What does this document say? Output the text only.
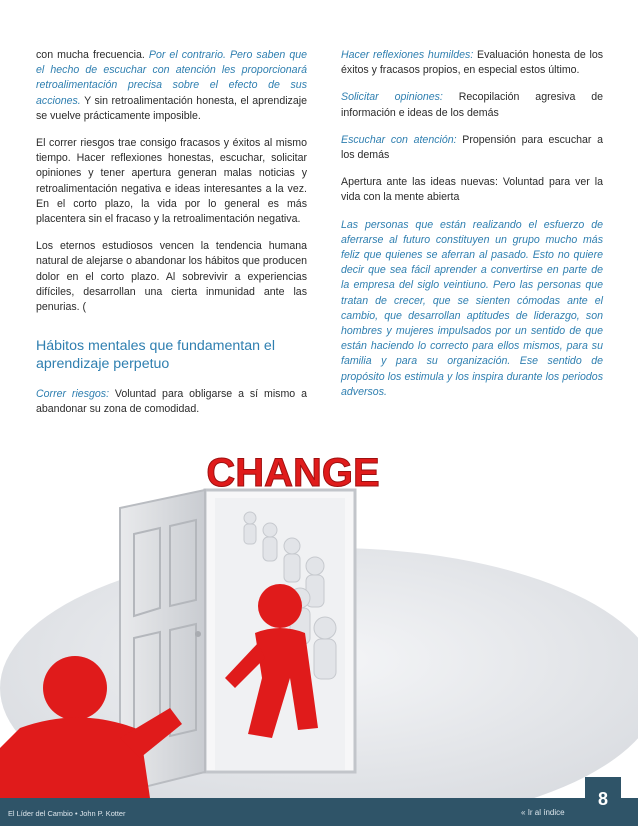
con mucha frecuencia. Por el contrario. Pero saben que el hecho de escuchar con atención les proporcionará retroalimentación precisa sobre el efecto de sus acciones. Y sin retroalimentación honesta, el aprendizaje se vuelve prácticamente imposible.

El correr riesgos trae consigo fracasos y éxitos al mismo tiempo. Hacer reflexiones honestas, escuchar, solicitar opiniones y tener apertura generan malas noticias y retroalimentación negativa e ideas interesantes a la vez. En el corto plazo, la vida por lo general es más placentera sin el fracaso y la retroalimentación negativa.

Los eternos estudiosos vencen la tendencia humana natural de alejarse o abandonar los hábitos que producen dolor en el corto plazo. Al sobrevivir a experiencias difíciles, desarrollan una cierta inmunidad ante las penurias. (

Hábitos mentales que fundamentan el aprendizaje perpetuo

Correr riesgos: Voluntad para obligarse a sí mismo a abandonar su zona de comodidad.

Hacer reflexiones humildes: Evaluación honesta de los éxitos y fracasos propios, en especial estos último.

Solicitar opiniones: Recopilación agresiva de información e ideas de los demás

Escuchar con atención: Propensión para escuchar a los demás

Apertura ante las ideas nuevas: Voluntad para ver la vida con la mente abierta

Las personas que están realizando el esfuerzo de aferrarse al futuro constituyen un grupo mucho más feliz que quienes se aferran al pasado. Esto no quiere decir que sea fácil aprender a convertirse en parte de la empresa del siglo veintiuno. Pero las personas que tratan de crecer, que se sienten cómodas ante el cambio, que desarrollan aptitudes de liderazgo, son hombres y mujeres impulsados por un sentido de que están haciendo lo correcto para ellos mismos, para su familia y para su organización. Ese sentido de propósito los estimula y los inspira durante los periodos adversos.

CHANGE
El Líder del Cambio • John P. Kotter	« Ir al índice
8
